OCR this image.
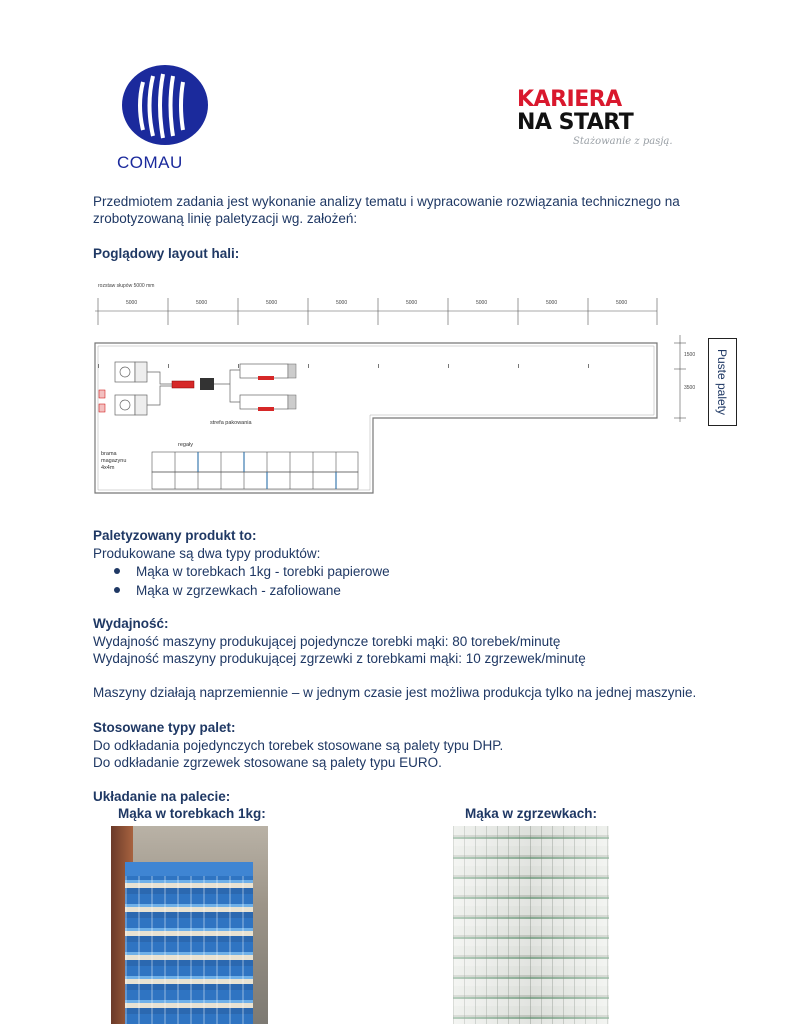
COMAU
KARIERA
NA START
Stażowanie z pasją.
Przedmiotem zadania jest wykonanie analizy tematu i wypracowanie rozwiązania technicznego na
zrobotyzowaną linię paletyzacji wg. założeń:
Poglądowy layout hali:
rozstaw słupów 5000 mm
5000	5000	5000	5000	5000	5000	5000	5000
1500
3500
strefa pakowania
regały
brama
magazynu
4x4m
Puste palety
Paletyzowany produkt to:
Produkowane są dwa typy produktów:
Mąka w torebkach 1kg - torebki papierowe
Mąka w zgrzewkach - zafoliowane
Wydajność:
Wydajność maszyny produkującej pojedyncze torebki mąki: 80 torebek/minutę
Wydajność maszyny produkującej zgrzewki z torebkami mąki: 10 zgrzewek/minutę
Maszyny działają naprzemiennie – w jednym czasie jest możliwa produkcja tylko na jednej maszynie.
Stosowane typy palet:
Do odkładania pojedynczych torebek stosowane są palety typu DHP.
Do odkładanie zgrzewek stosowane są palety typu EURO.
Układanie na palecie:
Mąka w torebkach 1kg:	Mąka w zgrzewkach:
